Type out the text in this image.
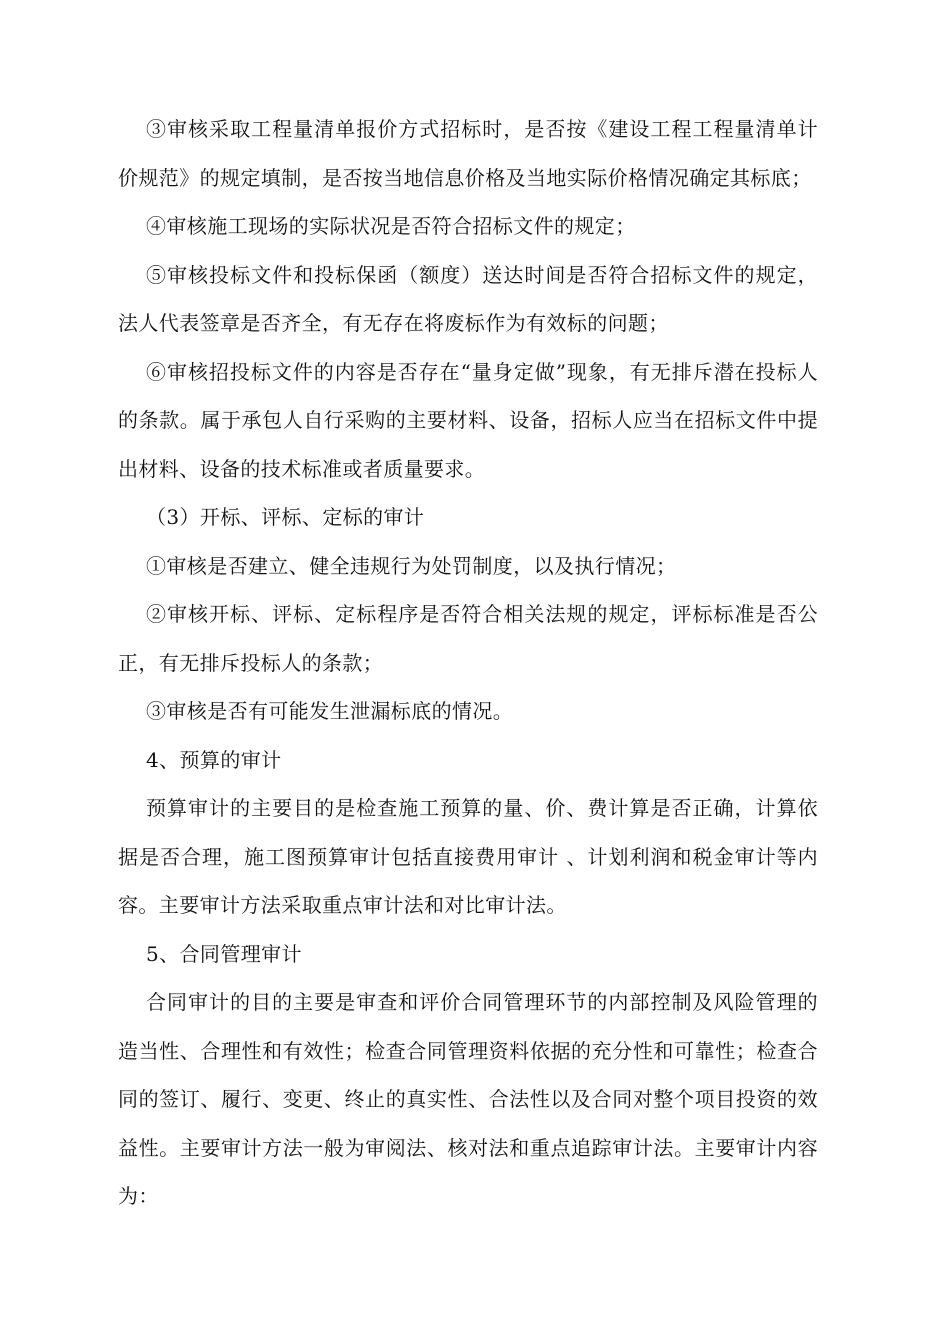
③审核采取工程量清单报价方式招标时，是否按《建设工程工程量清单计价规范》的规定填制，是否按当地信息价格及当地实际价格情况确定其标底；

④审核施工现场的实际状况是否符合招标文件的规定；

⑤审核投标文件和投标保函（额度）送达时间是否符合招标文件的规定，法人代表签章是否齐全，有无存在将废标作为有效标的问题；

⑥审核招投标文件的内容是否存在“量身定做”现象，有无排斥潜在投标人的条款。属于承包人自行采购的主要材料、设备，招标人应当在招标文件中提出材料、设备的技术标准或者质量要求。

（3）开标、评标、定标的审计

①审核是否建立、健全违规行为处罚制度，以及执行情况；

②审核开标、评标、定标程序是否符合相关法规的规定，评标标准是否公正，有无排斥投标人的条款；

③审核是否有可能发生泄漏标底的情况。

4、预算的审计

预算审计的主要目的是检查施工预算的量、价、费计算是否正确，计算依据是否合理，施工图预算审计包括直接费用审计 、计划利润和税金审计等内容。主要审计方法采取重点审计法和对比审计法。

5、合同管理审计

合同审计的目的主要是审查和评价合同管理环节的内部控制及风险管理的造当性、合理性和有效性；检查合同管理资料依据的充分性和可靠性；检查合同的签订、履行、变更、终止的真实性、合法性以及合同对整个项目投资的效益性。主要审计方法一般为审阅法、核对法和重点追踪审计法。主要审计内容为：
